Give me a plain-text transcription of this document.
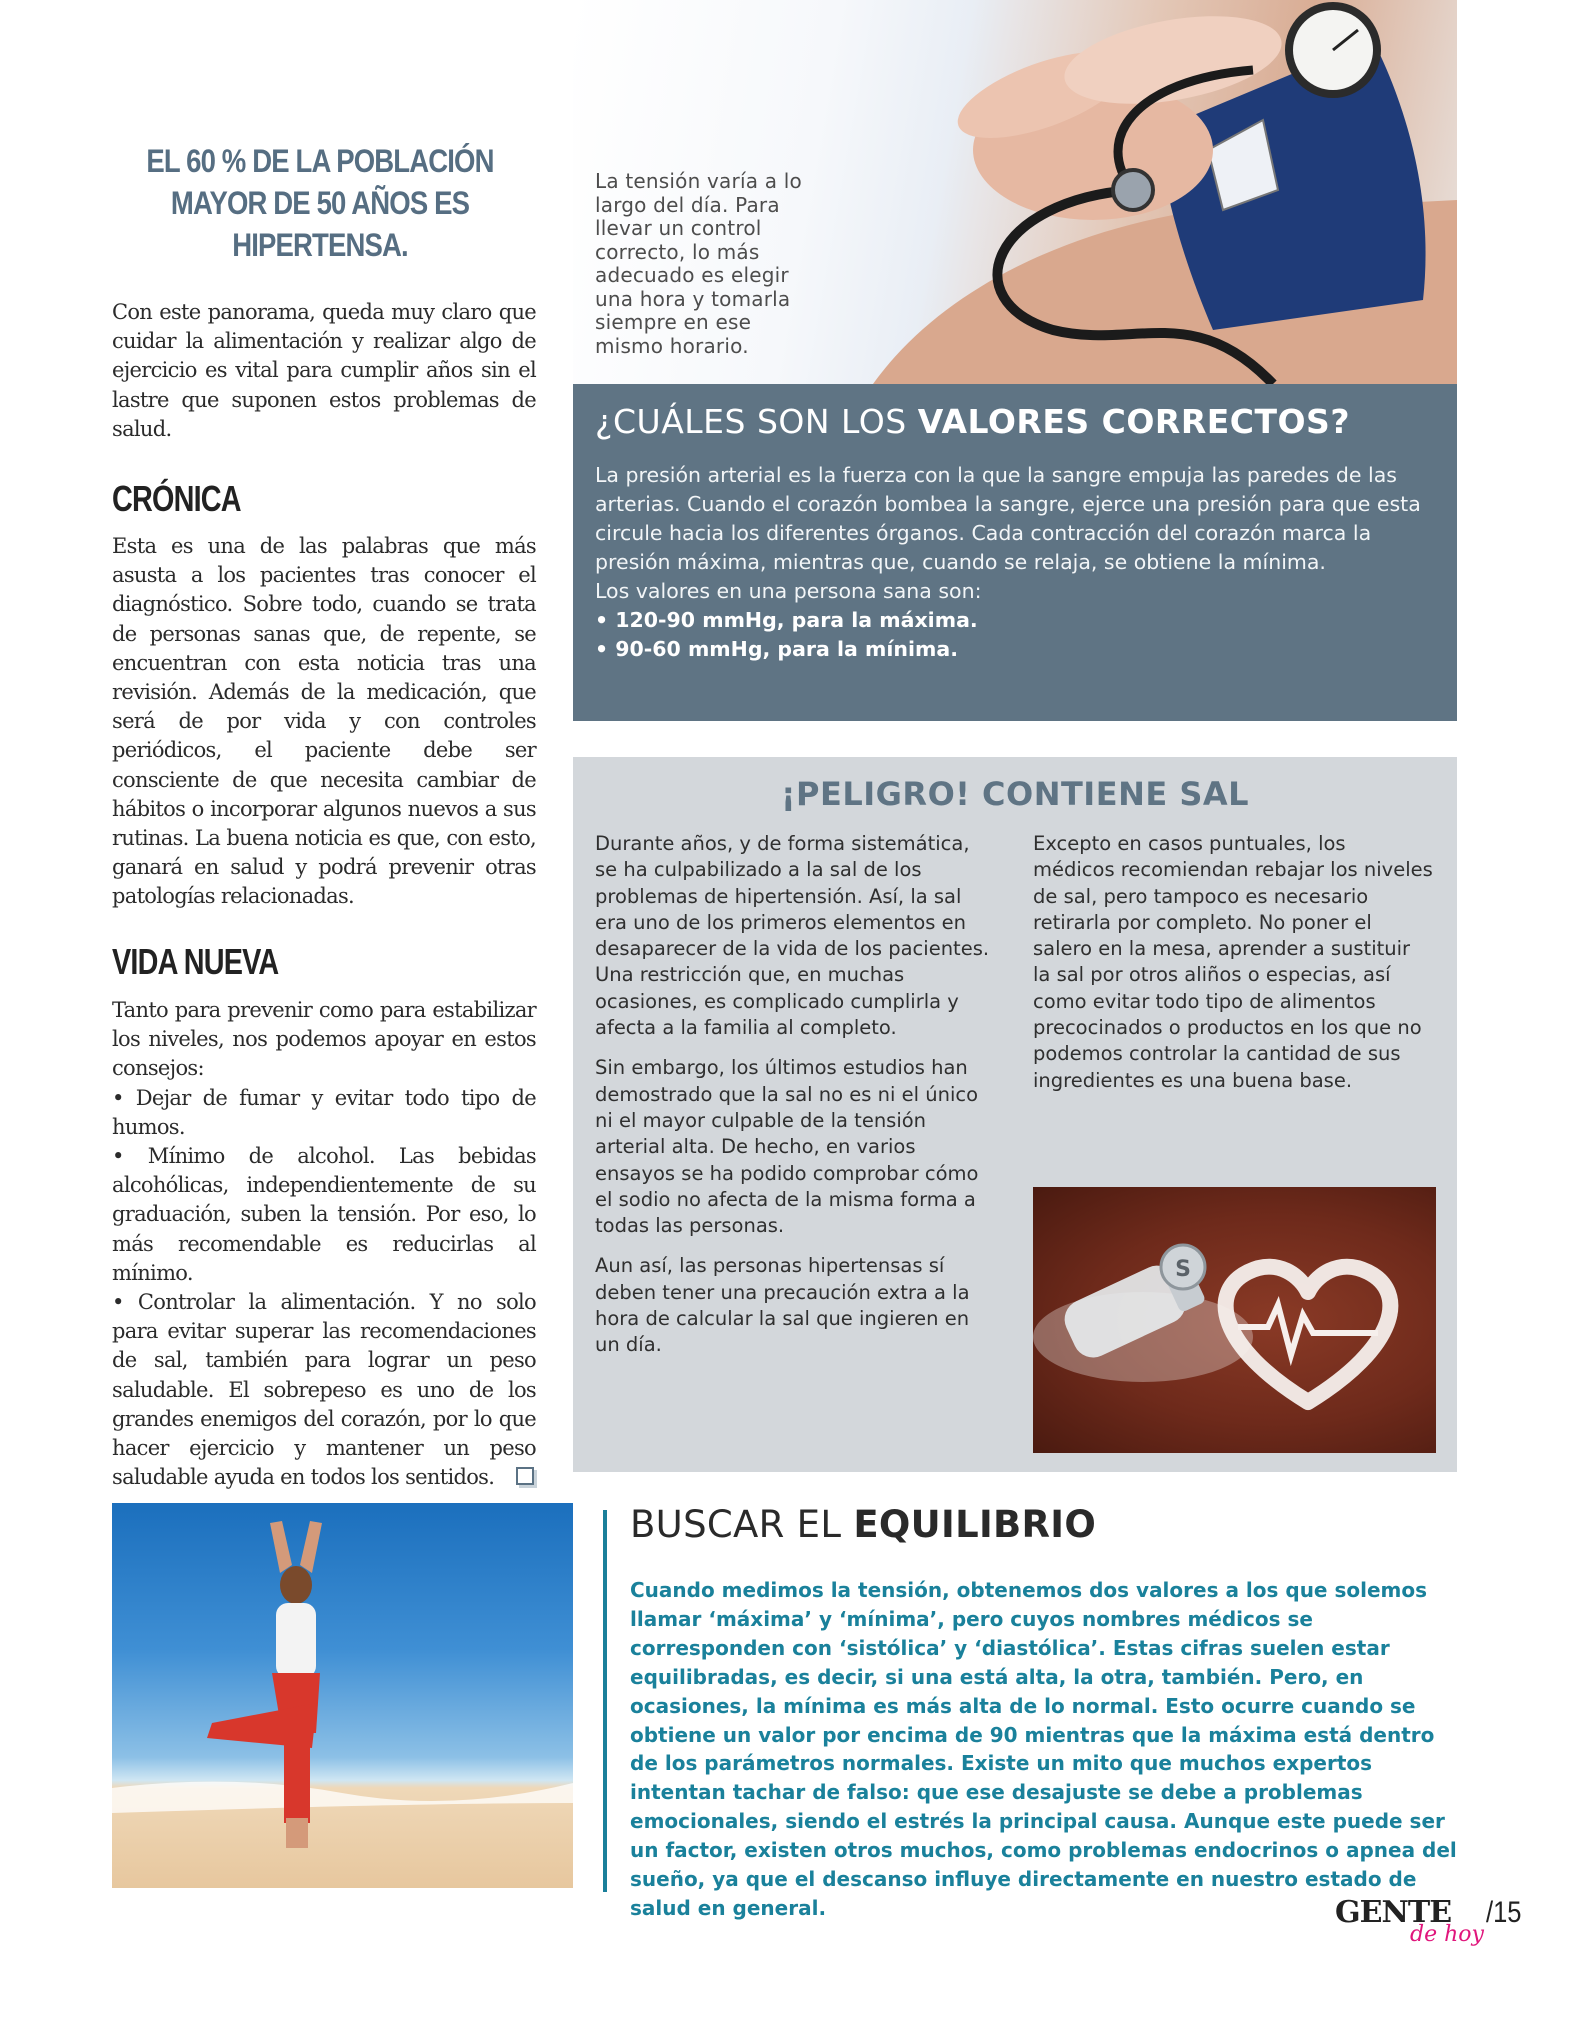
EL 60 % DE LA POBLACIÓN MAYOR DE 50 AÑOS ES HIPERTENSA.

Con este panorama, queda muy claro que cuidar la alimentación y realizar algo de ejercicio es vital para cumplir años sin el lastre que suponen estos problemas de salud.

CRÓNICA

Esta es una de las palabras que más asusta a los pacientes tras conocer el diagnóstico. Sobre todo, cuando se trata de personas sanas que, de repente, se encuentran con esta noticia tras una revisión. Además de la medicación, que será de por vida y con controles periódicos, el paciente debe ser consciente de que necesita cambiar de hábitos o incorporar algunos nuevos a sus rutinas. La buena noticia es que, con esto, ganará en salud y podrá prevenir otras patologías relacionadas.

VIDA NUEVA

Tanto para prevenir como para estabilizar los niveles, nos podemos apoyar en estos consejos:

• Dejar de fumar y evitar todo tipo de humos.

• Mínimo de alcohol. Las bebidas alcohólicas, independientemente de su graduación, suben la tensión. Por eso, lo más recomendable es reducirlas al mínimo.

• Controlar la alimentación. Y no solo para evitar superar las recomendaciones de sal, también para lograr un peso saludable. El sobrepeso es uno de los grandes enemigos del corazón, por lo que hacer ejercicio y mantener un peso saludable ayuda en todos los sentidos.

La tensión varía a lo largo del día. Para llevar un control correcto, lo más adecuado es elegir una hora y tomarla siempre en ese mismo horario.
¿CUÁLES SON LOS VALORES CORRECTOS?

La presión arterial es la fuerza con la que la sangre empuja las paredes de las arterias. Cuando el corazón bombea la sangre, ejerce una presión para que esta circule hacia los diferentes órganos. Cada contracción del corazón marca la presión máxima, mientras que, cuando se relaja, se obtiene la mínima.

Los valores en una persona sana son:

• 120-90 mmHg, para la máxima.

• 90-60 mmHg, para la mínima.

¡PELIGRO! CONTIENE SAL

Durante años, y de forma sistemática, se ha culpabilizado a la sal de los problemas de hipertensión. Así, la sal era uno de los primeros elementos en desaparecer de la vida de los pacientes. Una restricción que, en muchas ocasiones, es complicado cumplirla y afecta a la familia al completo.

Sin embargo, los últimos estudios han demostrado que la sal no es ni el único ni el mayor culpable de la tensión arterial alta. De hecho, en varios ensayos se ha podido comprobar cómo el sodio no afecta de la misma forma a todas las personas.

Aun así, las personas hipertensas sí deben tener una precaución extra a la hora de calcular la sal que ingieren en un día.

Excepto en casos puntuales, los médicos recomiendan rebajar los niveles de sal, pero tampoco es necesario retirarla por completo. No poner el salero en la mesa, aprender a sustituir la sal por otros aliños o especias, así como evitar todo tipo de alimentos precocinados o productos en los que no podemos controlar la cantidad de sus ingredientes es una buena base.

S
BUSCAR EL EQUILIBRIO

Cuando medimos la tensión, obtenemos dos valores a los que solemos llamar ‘máxima’ y ‘mínima’, pero cuyos nombres médicos se corresponden con ‘sistólica’ y ‘diastólica’. Estas cifras suelen estar equilibradas, es decir, si una está alta, la otra, también. Pero, en ocasiones, la mínima es más alta de lo normal. Esto ocurre cuando se obtiene un valor por encima de 90 mientras que la máxima está dentro de los parámetros normales. Existe un mito que muchos expertos intentan tachar de falso: que ese desajuste se debe a problemas emocionales, siendo el estrés la principal causa. Aunque este puede ser un factor, existen otros muchos, como problemas endocrinos o apnea del sueño, ya que el descanso influye directamente en nuestro estado de salud en general.	GENTE
de hoy
/15
